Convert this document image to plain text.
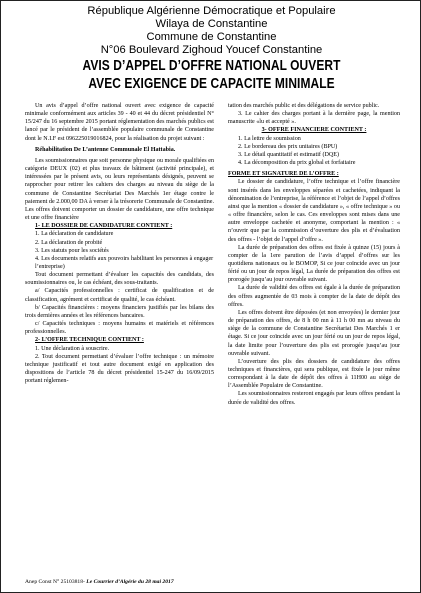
République Algérienne Démocratique et Populaire
Wilaya de Constantine
Commune de Constantine
N°06 Boulevard Zighoud Youcef Constantine
AVIS D’APPEL D’OFFRE NATIONAL OUVERT
AVEC EXIGENCE DE CAPACITE MINIMALE

Un avis d’appel d’offre national ouvert avec exigence de capacité minimale conformément aux articles 39 - 40 et 44 du décret présidentiel N° 15/247 du 16 septembre 2015 portant réglementation des marchés publics est lancé par le président de l’assemblée populaire communale de Constantine dont le N.I.F est 096225019016824, pour la réalisation du projet suivant :

Réhabilitation De L’antenne Communale El Hattabia.

Les soumissionnaires que soit personne physique ou morale qualifiées en catégorie DEUX (02) et plus travaux de bâtiment (activité principale), et intéressées par le présent avis, ou leurs représentants désignés, peuvent se rapprocher pour retirer les cahiers des charges au niveau du siège de la commune de Constantine Secrétariat Des Marchés 1er étage contre le paiement de 2.000,00 DA à verser à la trésorerie Communale de Constantine. Les offres doivent comporter un dossier de candidature, une offre technique et une offre financière

1- LE DOSSIER DE CANDIDATURE CONTIENT :

1. La déclaration de candidature

2. La déclaration de probité

3. Les statuts pour les sociétés

4. Les documents relatifs aux pouvoirs habilitant les personnes à engager l’entreprise)

Tout document permettant d’évaluer les capacités des candidats, des soumissionnaires ou, le cas échéant, des sous-traitants.

a/ Capacités professionnelles : certificat de qualification et de classification, agrément et certificat de qualité, le cas échéant.

b/ Capacités financières : moyens financiers justifiés par les bilans des trois dernières années et les références bancaires.

c/ Capacités techniques : moyens humains et matériels et références professionnelles.

2- L’OFFRE TECHNIQUE CONTIENT :

1. Une déclaration à souscrire.

2. Tout document permettant d’évaluer l’offre technique : un mémoire technique justificatif et tout autre document exigé en application des dispositions de l’article 78 du décret présidentiel 15-247 du 16/09/2015 portant réglemen-

tation des marchés public et des délégations de service public.

3. Le cahier des charges portant à la dernière page, la mention manuscrite «lu et accepté ».

3- OFFRE FINANCIERE CONTIENT :

1. La lettre de soumission

2. Le bordereau des prix unitaires (BPU)

3. Le détail quantitatif et estimatif (DQE)

4. La décomposition du prix global et forfaitaire

FORME ET SIGNATURE DE L’OFFRE :

Le dossier de candidature, l’offre technique et l’offre financière sont insérés dans les enveloppes séparées et cachetées, indiquant la dénomination de l’entreprise, la référence et l’objet de l’appel d’offres ainsi que la mention « dossier de candidature », « offre technique » ou « offre financière, selon le cas. Ces enveloppes sont mises dans une autre enveloppe cachetée et anonyme, comportant la mention : « n’ouvrir que par la commission d’ouverture des plis et d’évaluation des offres - l’objet de l’appel d’offre ».

La durée de préparation des offres est fixée à quinze (15) jours à compter de la 1ere parution de l’avis d’appel d’offres sur les quotidiens nationaux ou le BOMOP, Si ce jour coïncide avec un jour férié ou un jour de repos légal, La durée de préparation des offres est prorogée jusqu’au jour ouvrable suivant.

La durée de validité des offres est égale à la durée de préparation des offres augmentée de 03 mois à compter de la date de dépôt des offres.

Les offres doivent être déposées (et non envoyées) le dernier jour de préparation des offres, de 8 h 00 mn à 11 h 00 mn au niveau du siège de la commune de Constantine Secrétariat Des Marchés 1 er étage. Si ce jour coïncide avec un jour férié ou un jour de repos légal, la date limite pour l’ouverture des plis est prorogée jusqu’au jour ouvrable suivant.

L’ouverture des plis des dossiers de candidature des offres techniques et financières, qui sera publique, est fixée le jour même correspondant à la date de dépôt des offres à 11H00 au siège de l’Assemblée Populaire de Constantine.

Les soumissionnaires resteront engagés par leurs offres pendant la durée de validité des offres.

Anep Const N° 25103818- Le Courrier d’Algérie du 28 mai 2017
